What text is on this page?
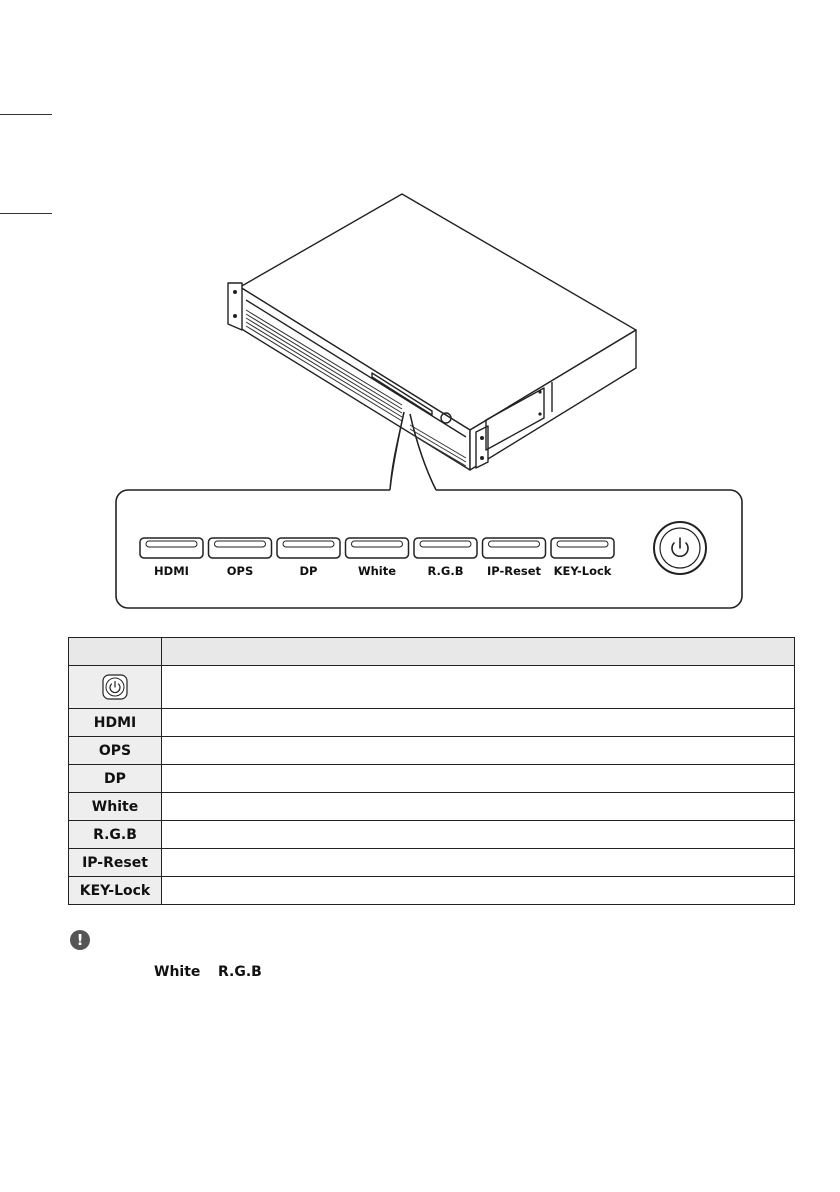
HDMI	OPS	DP	White	R.G.B IP-Reset KEY-Lock

HDMI	
OPS	
DP	
White	
R.G.B	
IP-Reset	
KEY-Lock	
!
White R.G.B
